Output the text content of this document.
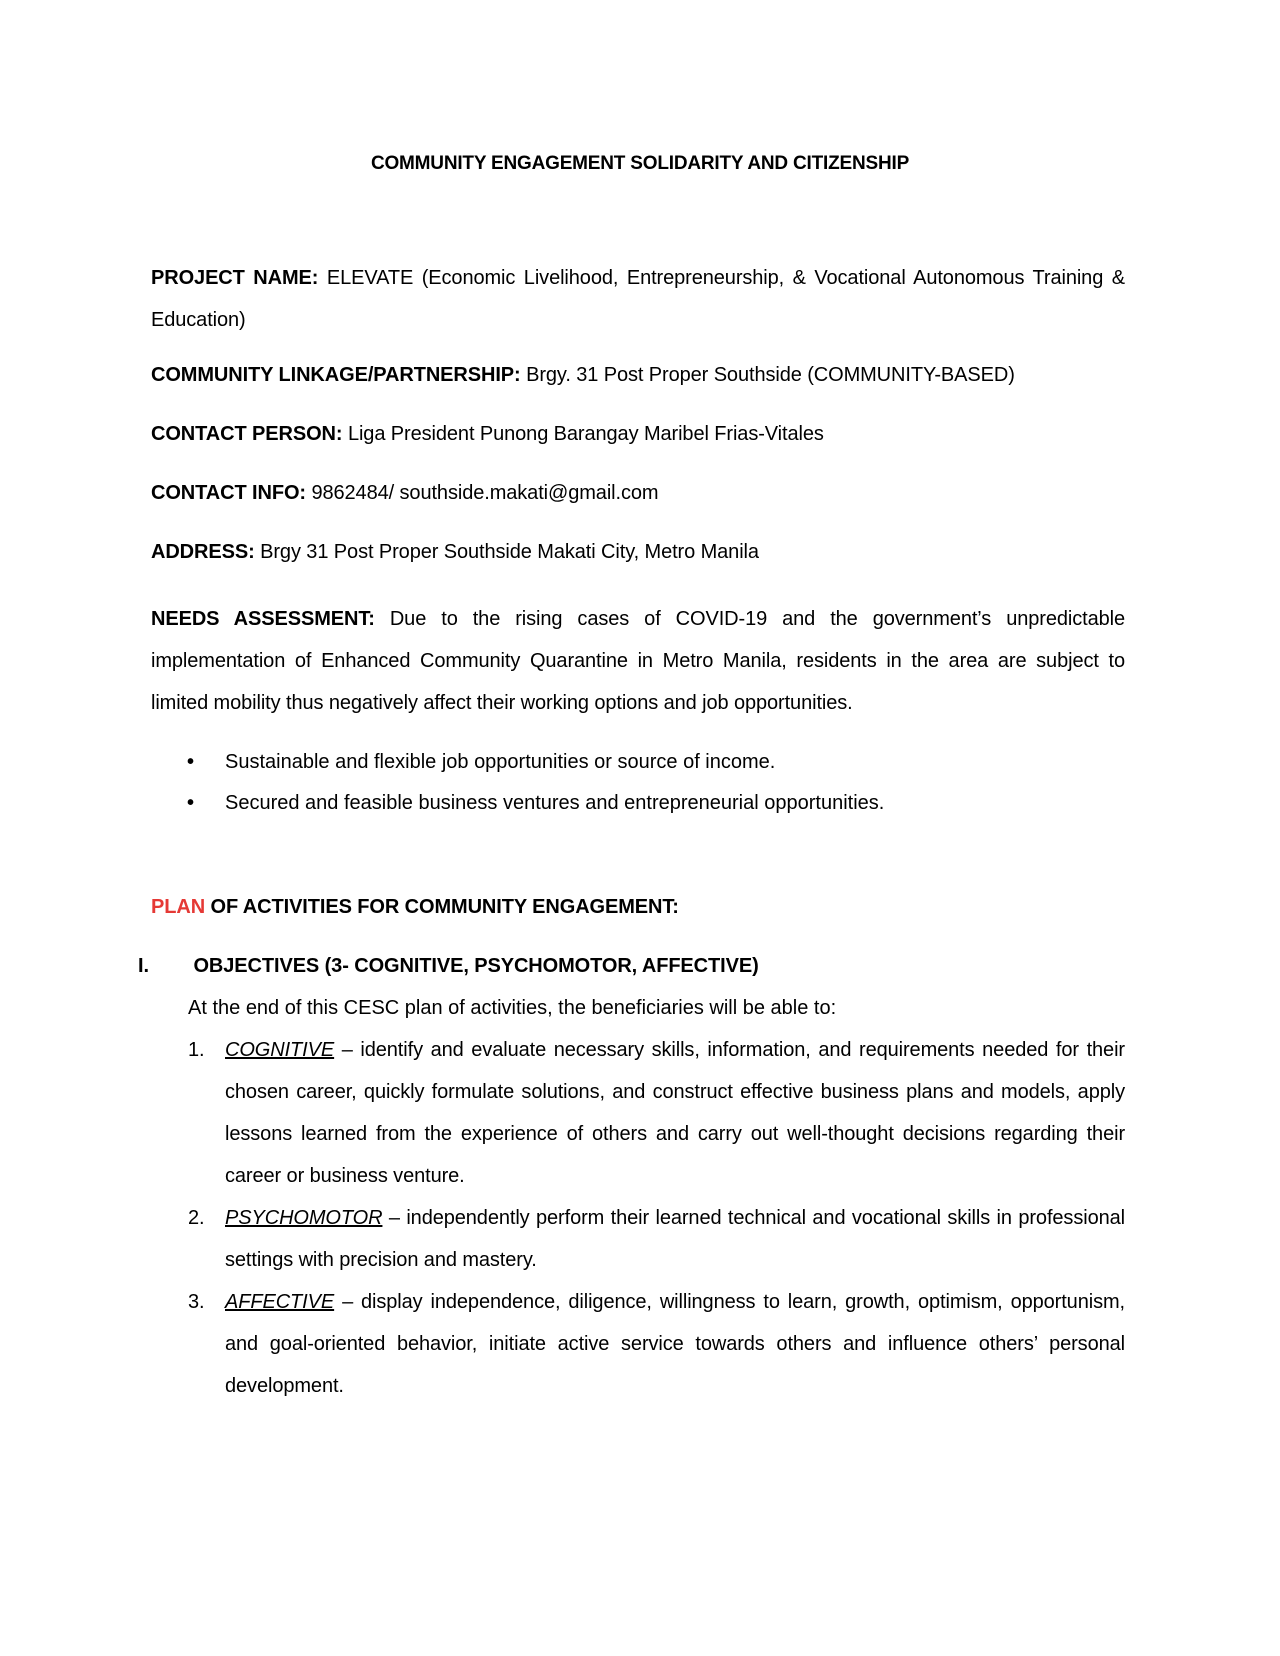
COMMUNITY ENGAGEMENT SOLIDARITY AND CITIZENSHIP
PROJECT NAME: ELEVATE (Economic Livelihood, Entrepreneurship, & Vocational Autonomous Training & Education)
COMMUNITY LINKAGE/PARTNERSHIP: Brgy. 31 Post Proper Southside (COMMUNITY-BASED)
CONTACT PERSON: Liga President Punong Barangay Maribel Frias-Vitales
CONTACT INFO: 9862484/ southside.makati@gmail.com
ADDRESS: Brgy 31 Post Proper Southside Makati City, Metro Manila
NEEDS ASSESSMENT: Due to the rising cases of COVID-19 and the government’s unpredictable implementation of Enhanced Community Quarantine in Metro Manila, residents in the area are subject to limited mobility thus negatively affect their working options and job opportunities.
• Sustainable and flexible job opportunities or source of income.
• Secured and feasible business ventures and entrepreneurial opportunities.
PLAN OF ACTIVITIES FOR COMMUNITY ENGAGEMENT:
I. OBJECTIVES (3- COGNITIVE, PSYCHOMOTOR, AFFECTIVE)
At the end of this CESC plan of activities, the beneficiaries will be able to:
1. COGNITIVE – identify and evaluate necessary skills, information, and requirements needed for their chosen career, quickly formulate solutions, and construct effective business plans and models, apply lessons learned from the experience of others and carry out well-thought decisions regarding their career or business venture.
2. PSYCHOMOTOR – independently perform their learned technical and vocational skills in professional settings with precision and mastery.
3. AFFECTIVE – display independence, diligence, willingness to learn, growth, optimism, opportunism, and goal-oriented behavior, initiate active service towards others and influence others’ personal development.
